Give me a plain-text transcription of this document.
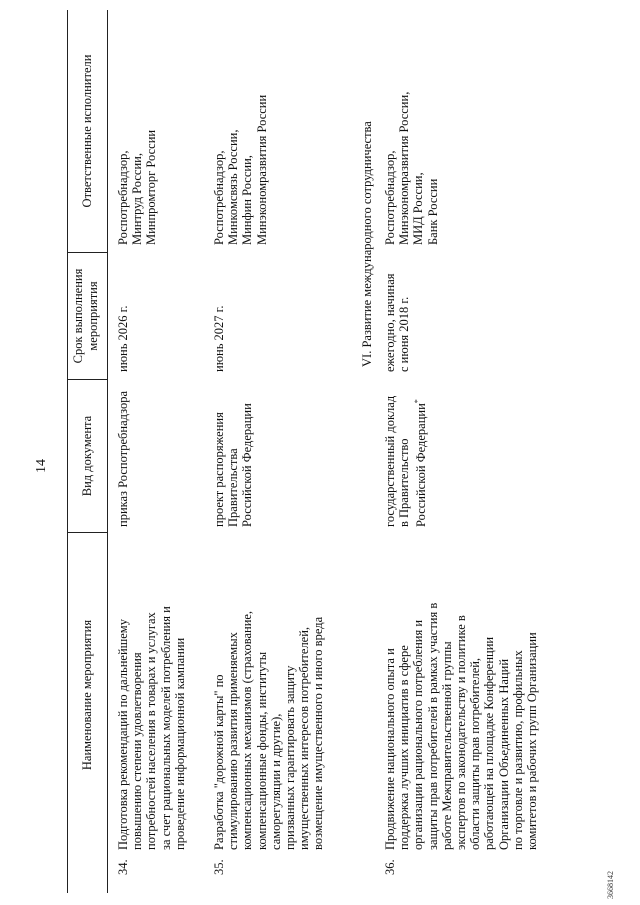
14
3668142
Наименование мероприятия
Вид документа
Срок выполнения мероприятия
Ответственные исполнители
34.
Подготовка рекомендаций по дальнейшему повышению степени удовлетворения потребностей населения в товарах и услугах за счет рациональных моделей потребления и проведение информационной кампании
приказ Роспотребнадзора
июнь 2026 г.
Роспотребнадзор, Минтруд России, Минпромторг России
35.
Разработка "дорожной карты" по стимулированию развития применяемых компенсационных механизмов (страхование, компенсационные фонды, институты саморегуляции и другие), призванных гарантировать защиту имущественных интересов потребителей, возмещение имущественного и иного вреда
проект распоряжения Правительства Российской Федерации
июнь 2027 г.
Роспотребнадзор, Минкомсвязь России, Минфин России, Минэкономразвития России	VI. Развитие международного сотрудничества
36.
Продвижение национального опыта и поддержка лучших инициатив в сфере организации рационального потребления и защиты прав потребителей в рамках участия в работе Межправительственной группы экспертов по законодательству и политике в области защиты прав потребителей, работающей на площадке Конференции Организации Объединенных Наций по торговле и развитию, профильных комитетов и рабочих групп Организации
государственный доклад в Правительство Российской Федерации*
ежегодно, начиная с июня 2018 г.
Роспотребнадзор, Минэкономразвития России, МИД России, Банк России
